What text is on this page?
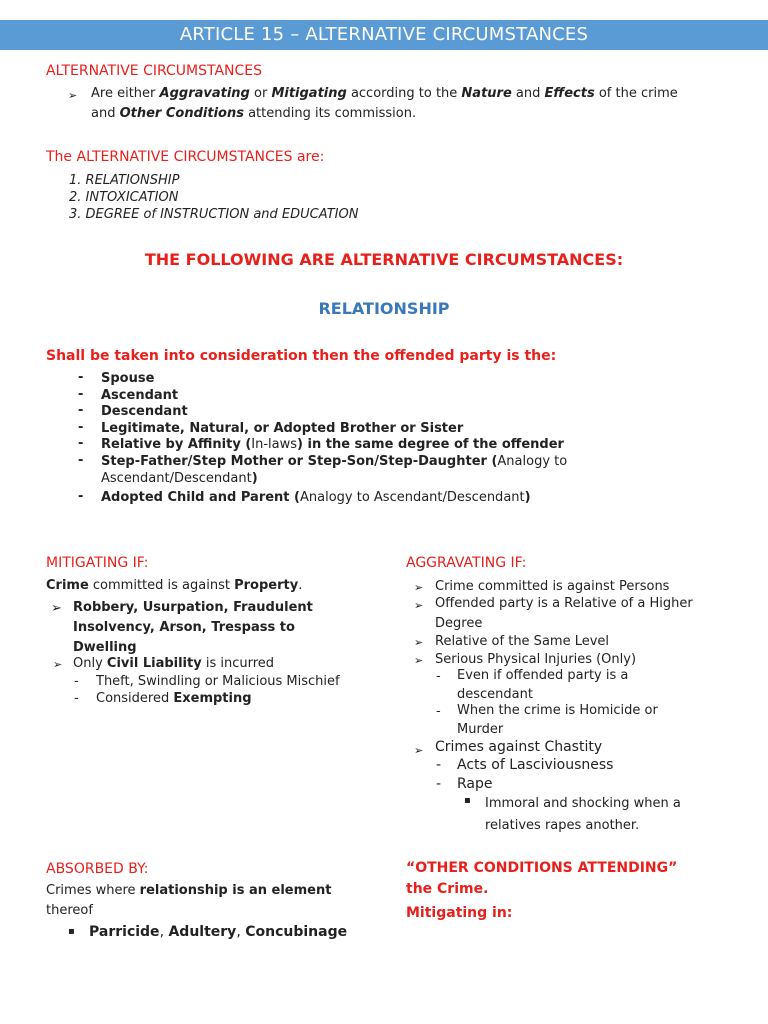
ARTICLE 15 – ALTERNATIVE CIRCUMSTANCES
ALTERNATIVE CIRCUMSTANCES
➢ Are either Aggravating or Mitigating according to the Nature and Effects of the crime
and Other Conditions attending its commission.
The ALTERNATIVE CIRCUMSTANCES are:
1. RELATIONSHIP
2. INTOXICATION
3. DEGREE of INSTRUCTION and EDUCATION
THE FOLLOWING ARE ALTERNATIVE CIRCUMSTANCES:
RELATIONSHIP
Shall be taken into consideration then the offended party is the:
- Spouse
- Ascendant
- Descendant
- Legitimate, Natural, or Adopted Brother or Sister
- Relative by Affinity (In-laws) in the same degree of the offender
- Step-Father/Step Mother or Step-Son/Step-Daughter (Analogy to
Ascendant/Descendant)
- Adopted Child and Parent (Analogy to Ascendant/Descendant)
MITIGATING IF:
Crime committed is against Property.
➢ Robbery, Usurpation, Fraudulent
Insolvency, Arson, Trespass to
Dwelling
➢ Only Civil Liability is incurred
- Theft, Swindling or Malicious Mischief
- Considered Exempting
AGGRAVATING IF:
➢ Crime committed is against Persons
➢ Offended party is a Relative of a Higher
Degree
➢ Relative of the Same Level
➢ Serious Physical Injuries (Only)
- Even if offended party is a
descendant
- When the crime is Homicide or
Murder
➢ Crimes against Chastity
- Acts of Lasciviousness
- Rape
▪ Immoral and shocking when a
relatives rapes another.
ABSORBED BY:
Crimes where relationship is an element
thereof
▪ Parricide, Adultery, Concubinage
“OTHER CONDITIONS ATTENDING”
the Crime.
Mitigating in:
